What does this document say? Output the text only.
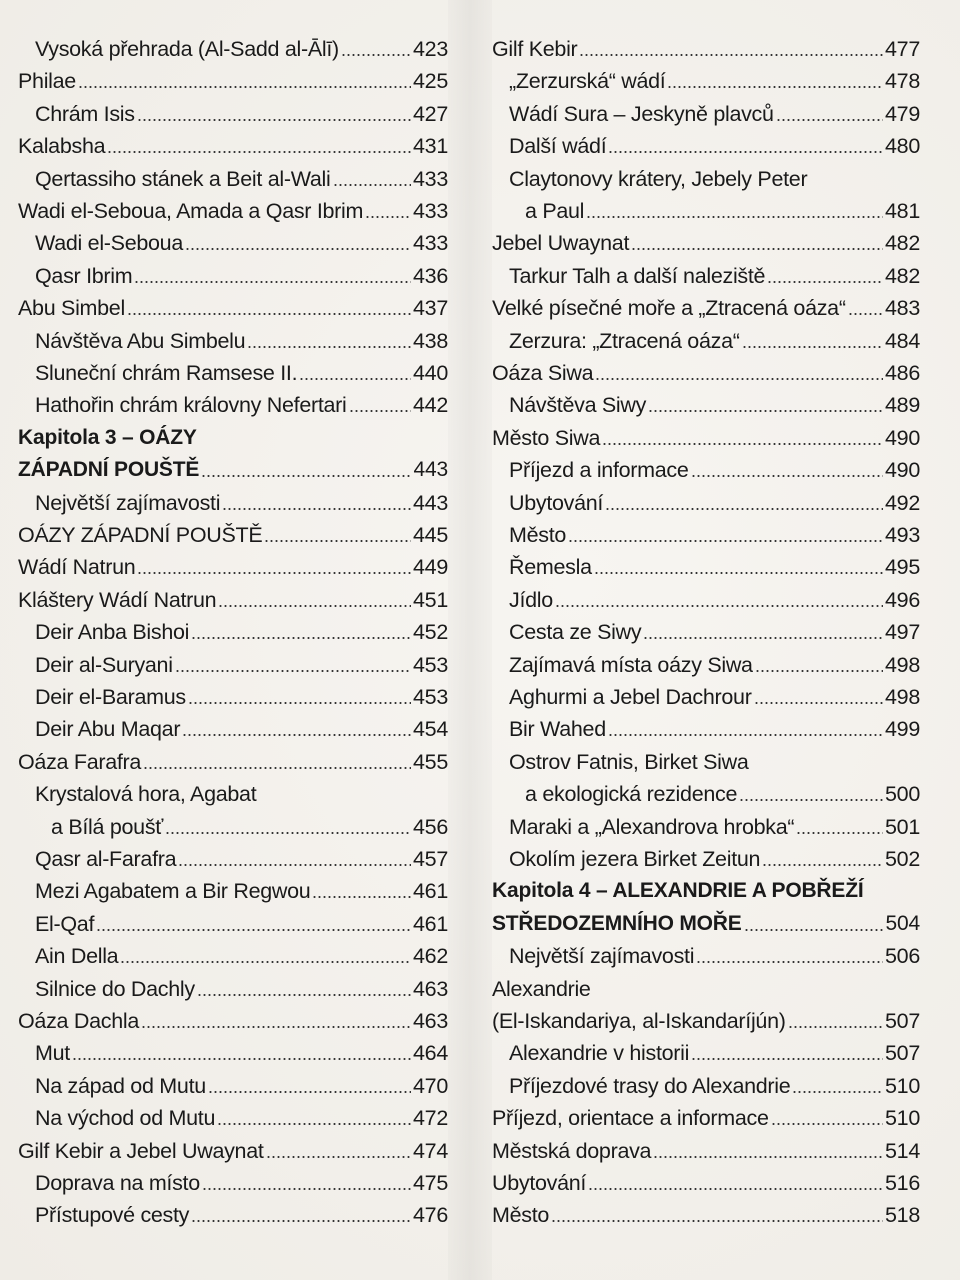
Vysoká přehrada (Al-Sadd al-Ālī)	423
Philae	425
Chrám Isis	427
Kalabsha	431
Qertassiho stánek a Beit al-Wali	433
Wadi el-Seboua, Amada a Qasr Ibrim 433
Wadi el-Seboua	433
Qasr Ibrim	436
Abu Simbel	437
Návštěva Abu Simbelu	438
Sluneční chrám Ramsese II.	440
Hathořin chrám královny Nefertari	442
Kapitola 3 – OÁZY
ZÁPADNÍ POUŠTĚ	443
Největší zajímavosti	443
OÁZY ZÁPADNÍ POUŠTĚ	445
Wádí Natrun	449
Kláštery Wádí Natrun	451
Deir Anba Bishoi	452
Deir al-Suryani	453
Deir el-Baramus	453
Deir Abu Maqar	454
Oáza Farafra	455
Krystalová hora, Agabat
a Bílá poušť	456
Qasr al-Farafra	457
Mezi Agabatem a Bir Regwou	461
El-Qaf	461
Ain Della	462
Silnice do Dachly	463
Oáza Dachla	463
Mut	464
Na západ od Mutu	470
Na východ od Mutu	472
Gilf Kebir a Jebel Uwaynat	474
Doprava na místo	475
Přístupové cesty	476
Gilf Kebir	477
„Zerzurská“ wádí	478
Wádí Sura – Jeskyně plavců	479
Další wádí	480
Claytonovy krátery, Jebely Peter
a Paul	481
Jebel Uwaynat	482
Tarkur Talh a další naleziště	482
Velké písečné moře a „Ztracená oáza“ 483
Zerzura: „Ztracená oáza“	484
Oáza Siwa	486
Návštěva Siwy	489
Město Siwa	490
Příjezd a informace	490
Ubytování	492
Město	493
Řemesla	495
Jídlo	496
Cesta ze Siwy	497
Zajímavá místa oázy Siwa	498
Aghurmi a Jebel Dachrour	498
Bir Wahed	499
Ostrov Fatnis, Birket Siwa
a ekologická rezidence	500
Maraki a „Alexandrova hrobka“	501
Okolím jezera Birket Zeitun	502
Kapitola 4 – ALEXANDRIE A POBŘEŽÍ
STŘEDOZEMNÍHO MOŘE	504
Největší zajímavosti	506
Alexandrie
(El-Iskandariya, al-Iskandaríjún)	507
Alexandrie v historii	507
Příjezdové trasy do Alexandrie	510
Příjezd, orientace a informace	510
Městská doprava	514
Ubytování	516
Město	518
